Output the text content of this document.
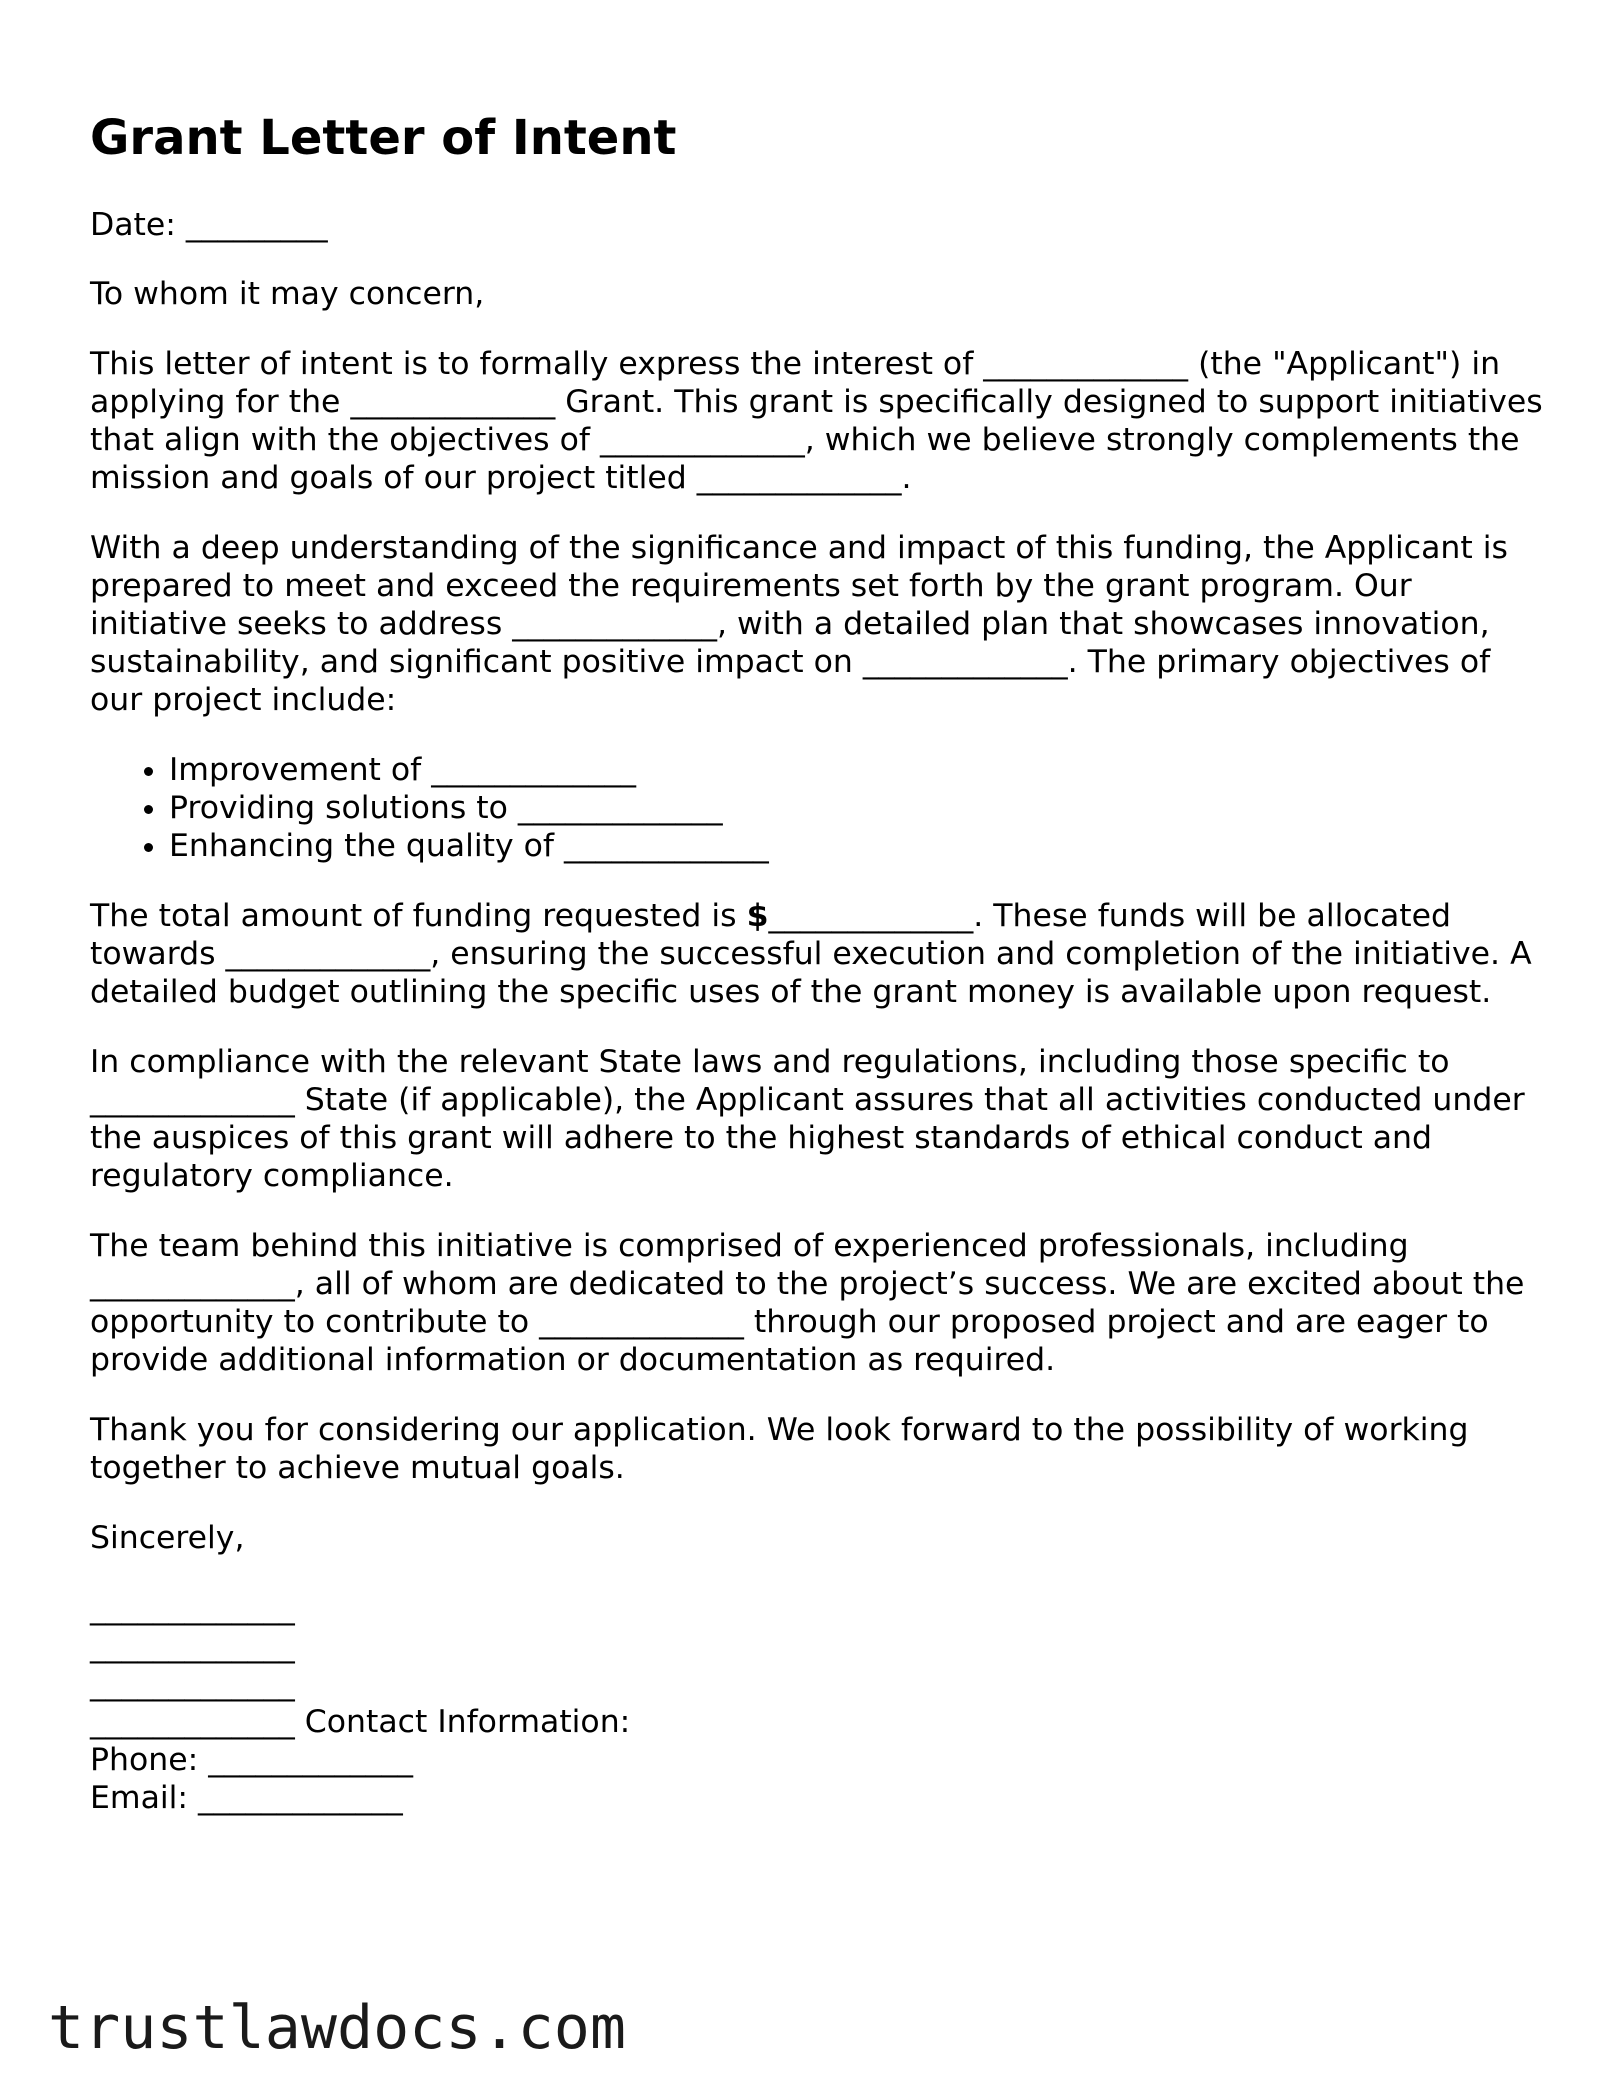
Grant Letter of Intent

Date: _________

To whom it may concern,

This letter of intent is to formally express the interest of _____________ (the "Applicant") in applying for the _____________ Grant. This grant is specifically designed to support initiatives that align with the objectives of _____________, which we believe strongly complements the mission and goals of our project titled _____________.

With a deep understanding of the significance and impact of this funding, the Applicant is prepared to meet and exceed the requirements set forth by the grant program. Our initiative seeks to address _____________, with a detailed plan that showcases innovation, sustainability, and significant positive impact on _____________. The primary objectives of our project include:

• Improvement of _____________
• Providing solutions to _____________
• Enhancing the quality of _____________

The total amount of funding requested is $_____________. These funds will be allocated towards _____________, ensuring the successful execution and completion of the initiative. A detailed budget outlining the specific uses of the grant money is available upon request.

In compliance with the relevant State laws and regulations, including those specific to _____________ State (if applicable), the Applicant assures that all activities conducted under the auspices of this grant will adhere to the highest standards of ethical conduct and regulatory compliance.

The team behind this initiative is comprised of experienced professionals, including _____________, all of whom are dedicated to the project’s success. We are excited about the opportunity to contribute to _____________ through our proposed project and are eager to provide additional information or documentation as required.

Thank you for considering our application. We look forward to the possibility of working together to achieve mutual goals.

Sincerely,

_____________
_____________
_____________
_____________ Contact Information:
Phone: _____________
Email: _____________
trustlawdocs.com
